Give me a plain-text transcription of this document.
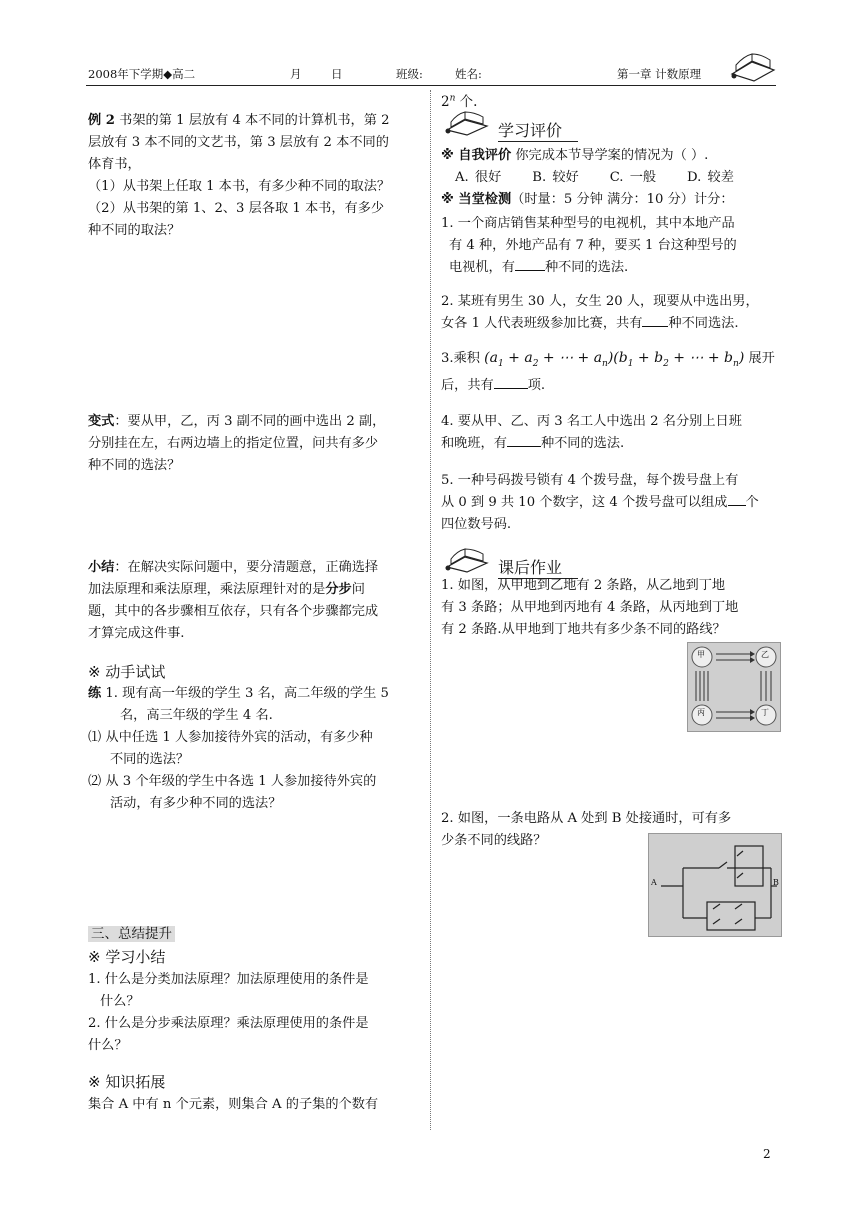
2008年下学期◆高二	月	日	班级:	姓名:	第一章 计数原理
例 2 书架的第 1 层放有 4 本不同的计算机书，第 2
层放有 3 本不同的文艺书，第 3 层放有 2 本不同的
体育书，
（1）从书架上任取 1 本书，有多少种不同的取法？
（2）从书架的第 1、2、3 层各取 1 本书，有多少
种不同的取法？
变式：要从甲，乙，丙 3 副不同的画中选出 2 副，
分别挂在左，右两边墙上的指定位置，问共有多少
种不同的选法？
小结：在解决实际问题中，要分清题意，正确选择
加法原理和乘法原理，乘法原理针对的是分步问
题，其中的各步骤相互依存，只有各个步骤都完成
才算完成这件事.
※ 动手试试
练 1. 现有高一年级的学生 3 名，高二年级的学生 5
名，高三年级的学生 4 名.
⑴ 从中任选 1 人参加接待外宾的活动，有多少种
不同的选法？
⑵ 从 3 个年级的学生中各选 1 人参加接待外宾的
活动，有多少种不同的选法？
三、总结提升
※ 学习小结
1. 什么是分类加法原理？加法原理使用的条件是
什么？
2. 什么是分步乘法原理？乘法原理使用的条件是
什么？
※ 知识拓展
集合 A 中有 n 个元素，则集合 A 的子集的个数有
2$^n$ 个.
学习评价
※ 自我评价 你完成本节导学案的情况为（ ）.
A. 很好 B. 较好 C. 一般 D. 较差
※ 当堂检测（时量：5 分钟 满分：10 分）计分：
1. 一个商店销售某种型号的电视机，其中本地产品
有 4 种，外地产品有 7 种，要买 1 台这种型号的
电视机，有 种不同的选法.
2. 某班有男生 30 人，女生 20 人，现要从中选出男，
女各 1 人代表班级参加比赛，共有 种不同选法.
3.乘积 ($a_1 + a_2$ + ⋯ + $a_n)(b_1 + b_2$ + ⋯ + $b_n$) 展开
后，共有	项.
4. 要从甲、乙、丙 3 名工人中选出 2 名分别上日班
和晚班，有	种不同的选法.
5. 一种号码拨号锁有 4 个拨号盘，每个拨号盘上有
从 0 到 9 共 10 个数字，这 4 个拨号盘可以组成 个
四位数号码.
课后作业
1. 如图，从甲地到乙地有 2 条路，从乙地到丁地
有 3 条路；从甲地到丙地有 4 条路，从丙地到丁地
有 2 条路.从甲地到丁地共有多少条不同的路线？
甲	乙
丙	丁
2. 如图，一条电路从 A 处到 B 处接通时，可有多
少条不同的线路？
A	B
2
